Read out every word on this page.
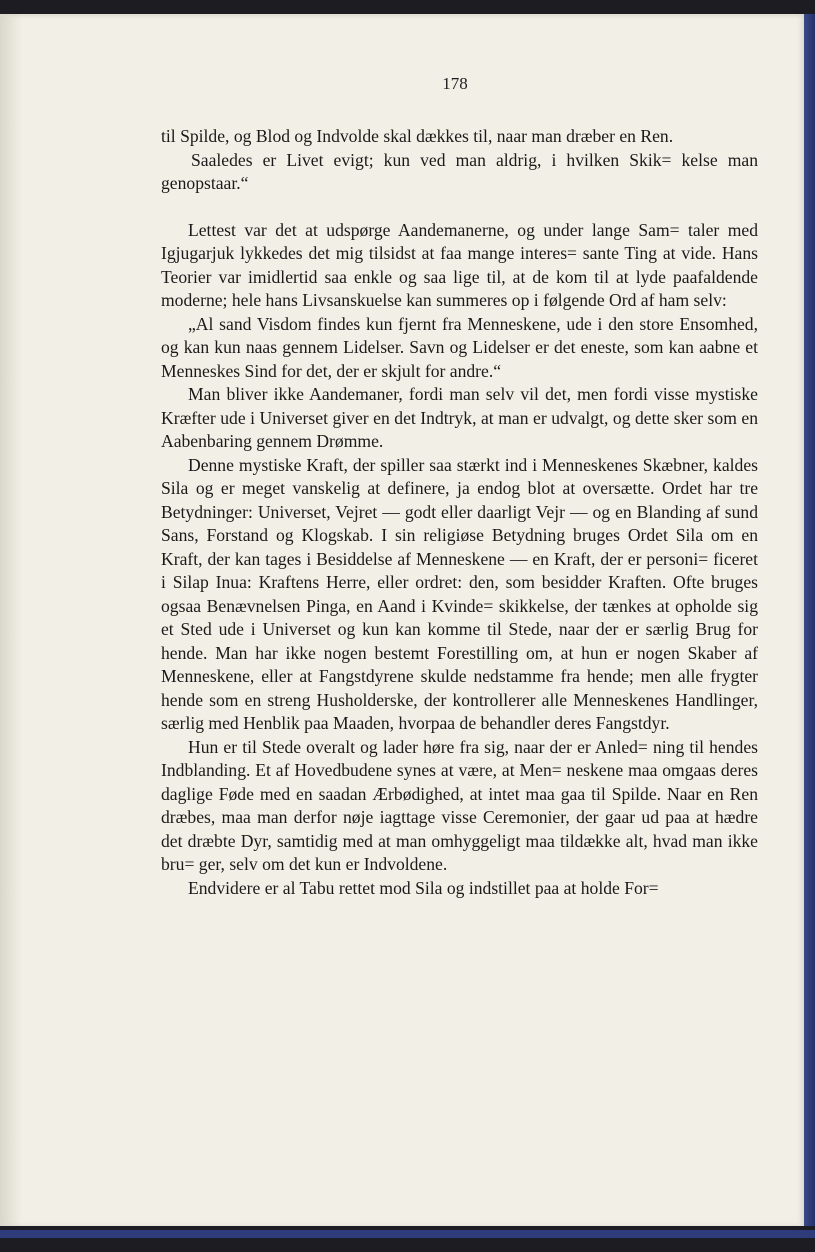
178

til Spilde, og Blod og Indvolde skal dækkes til, naar man dræber en Ren.

Saaledes er Livet evigt; kun ved man aldrig, i hvilken Skik= kelse man genopstaar.“

Lettest var det at udspørge Aandemanerne, og under lange Sam= taler med Igjugarjuk lykkedes det mig tilsidst at faa mange interes= sante Ting at vide. Hans Teorier var imidlertid saa enkle og saa lige til, at de kom til at lyde paafaldende moderne; hele hans Livsanskuelse kan summeres op i følgende Ord af ham selv:

„Al sand Visdom findes kun fjernt fra Menneskene, ude i den store Ensomhed, og kan kun naas gennem Lidelser. Savn og Lidelser er det eneste, som kan aabne et Menneskes Sind for det, der er skjult for andre.“

Man bliver ikke Aandemaner, fordi man selv vil det, men fordi visse mystiske Kræfter ude i Universet giver en det Indtryk, at man er udvalgt, og dette sker som en Aabenbaring gennem Drømme.

Denne mystiske Kraft, der spiller saa stærkt ind i Menneskenes Skæbner, kaldes Sila og er meget vanskelig at definere, ja endog blot at oversætte. Ordet har tre Betydninger: Universet, Vejret — godt eller daarligt Vejr — og en Blanding af sund Sans, Forstand og Klogskab. I sin religiøse Betydning bruges Ordet Sila om en Kraft, der kan tages i Besiddelse af Menneskene — en Kraft, der er personi= ficeret i Silap Inua: Kraftens Herre, eller ordret: den, som besidder Kraften. Ofte bruges ogsaa Benævnelsen Pinga, en Aand i Kvinde= skikkelse, der tænkes at opholde sig et Sted ude i Universet og kun kan komme til Stede, naar der er særlig Brug for hende. Man har ikke nogen bestemt Forestilling om, at hun er nogen Skaber af Menneskene, eller at Fangstdyrene skulde nedstamme fra hende; men alle frygter hende som en streng Husholderske, der kontrollerer alle Menneskenes Handlinger, særlig med Henblik paa Maaden, hvorpaa de behandler deres Fangstdyr.

Hun er til Stede overalt og lader høre fra sig, naar der er Anled= ning til hendes Indblanding. Et af Hovedbudene synes at være, at Men= neskene maa omgaas deres daglige Føde med en saadan Ærbødighed, at intet maa gaa til Spilde. Naar en Ren dræbes, maa man derfor nøje iagttage visse Ceremonier, der gaar ud paa at hædre det dræbte Dyr, samtidig med at man omhyggeligt maa tildække alt, hvad man ikke bru= ger, selv om det kun er Indvoldene.

Endvidere er al Tabu rettet mod Sila og indstillet paa at holde For=
